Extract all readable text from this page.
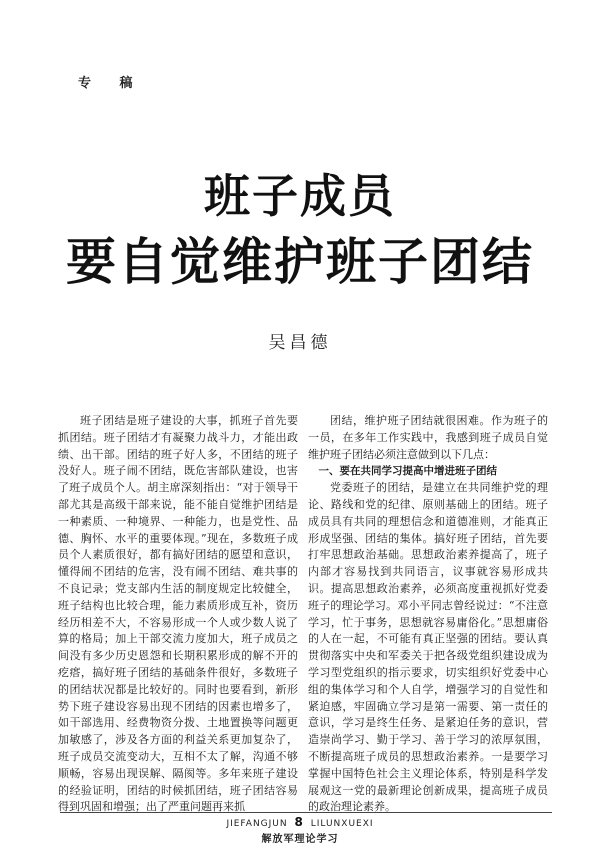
专 稿
班子成员
要自觉维护班子团结
吴昌德

班子团结是班子建设的大事，抓班子首先要抓团结。班子团结才有凝聚力战斗力，才能出政绩、出干部。团结的班子好人多，不团结的班子没好人。班子闹不团结，既危害部队建设，也害了班子成员个人。胡主席深刻指出：“对于领导干部尤其是高级干部来说，能不能自觉维护团结是一种素质、一种境界、一种能力，也是党性、品德、胸怀、水平的重要体现。”现在，多数班子成员个人素质很好，都有搞好团结的愿望和意识，懂得闹不团结的危害，没有闹不团结、难共事的不良记录；党支部内生活的制度规定比较健全，班子结构也比较合理，能力素质形成互补，资历经历相差不大，不容易形成一个人或少数人说了算的格局；加上干部交流力度加大，班子成员之间没有多少历史恩怨和长期积累形成的解不开的疙瘩，搞好班子团结的基础条件很好，多数班子的团结状况都是比较好的。同时也要看到，新形势下班子建设容易出现不团结的因素也增多了，如干部选用、经费物资分拨、土地置换等问题更加敏感了，涉及各方面的利益关系更加复杂了，班子成员交流变动大，互相不太了解，沟通不够顺畅，容易出现误解、隔阂等。多年来班子建设的经验证明，团结的时候抓团结，班子团结容易得到巩固和增强；出了严重问题再来抓

团结，维护班子团结就很困难。作为班子的一员，在多年工作实践中，我感到班子成员自觉维护班子团结必须注意做到以下几点：

一、要在共同学习提高中增进班子团结

党委班子的团结，是建立在共同维护党的理论、路线和党的纪律、原则基础上的团结。班子成员具有共同的理想信念和道德准则，才能真正形成坚强、团结的集体。搞好班子团结，首先要打牢思想政治基础。思想政治素养提高了，班子内部才容易找到共同语言，议事就容易形成共识。提高思想政治素养，必须高度重视抓好党委班子的理论学习。邓小平同志曾经说过：“不注意学习，忙于事务，思想就容易庸俗化。”思想庸俗的人在一起，不可能有真正坚强的团结。要认真贯彻落实中央和军委关于把各级党组织建设成为学习型党组织的指示要求，切实组织好党委中心组的集体学习和个人自学，增强学习的自觉性和紧迫感，牢固确立学习是第一需要、第一责任的意识，学习是终生任务、是紧迫任务的意识，营造崇尚学习、勤于学习、善于学习的浓厚氛围，不断提高班子成员的思想政治素养。一是要学习掌握中国特色社会主义理论体系，特别是科学发展观这一党的最新理论创新成果，提高班子成员的政治理论素养。

JIEFANGJUN 8 LILUNXUEXI
解放军理论学习
